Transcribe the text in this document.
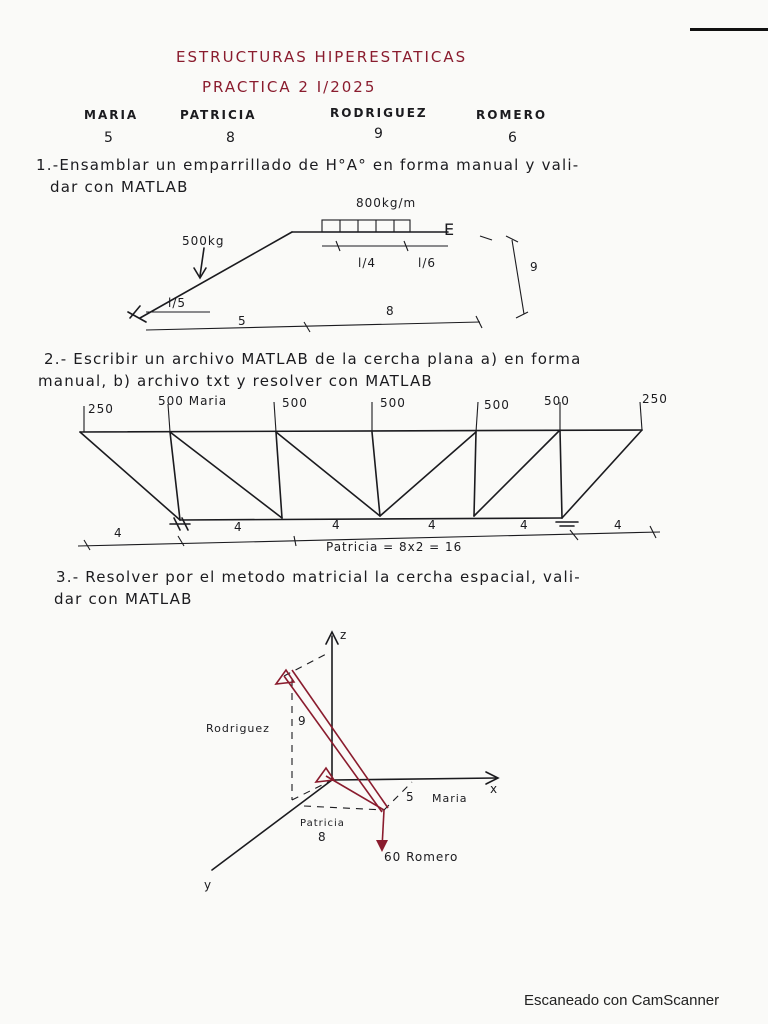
ESTRUCTURAS HIPERESTATICAS
PRACTICA 2 I/2025
MARIA	PATRICIA	RODRIGUEZ	ROMERO
5	8	9	6
1.-Ensamblar un emparrillado de H°A° en forma manual y vali-
dar con MATLAB
800kg/m
500kg
E
l/4	l/6
l/5
5
8
9
2.- Escribir un archivo MATLAB de la cercha plana a) en forma
manual, b) archivo txt y resolver con MATLAB
250
500 Maria	500	500	500	500	250
4	4	4	4	4	4
Patricia = 8x2 = 16
3.- Resolver por el metodo matricial la cercha espacial, vali-
dar con MATLAB
z
x
y
Rodriguez
9
5 Maria
Patricia
8
60 Romero
Escaneado con CamScanner
